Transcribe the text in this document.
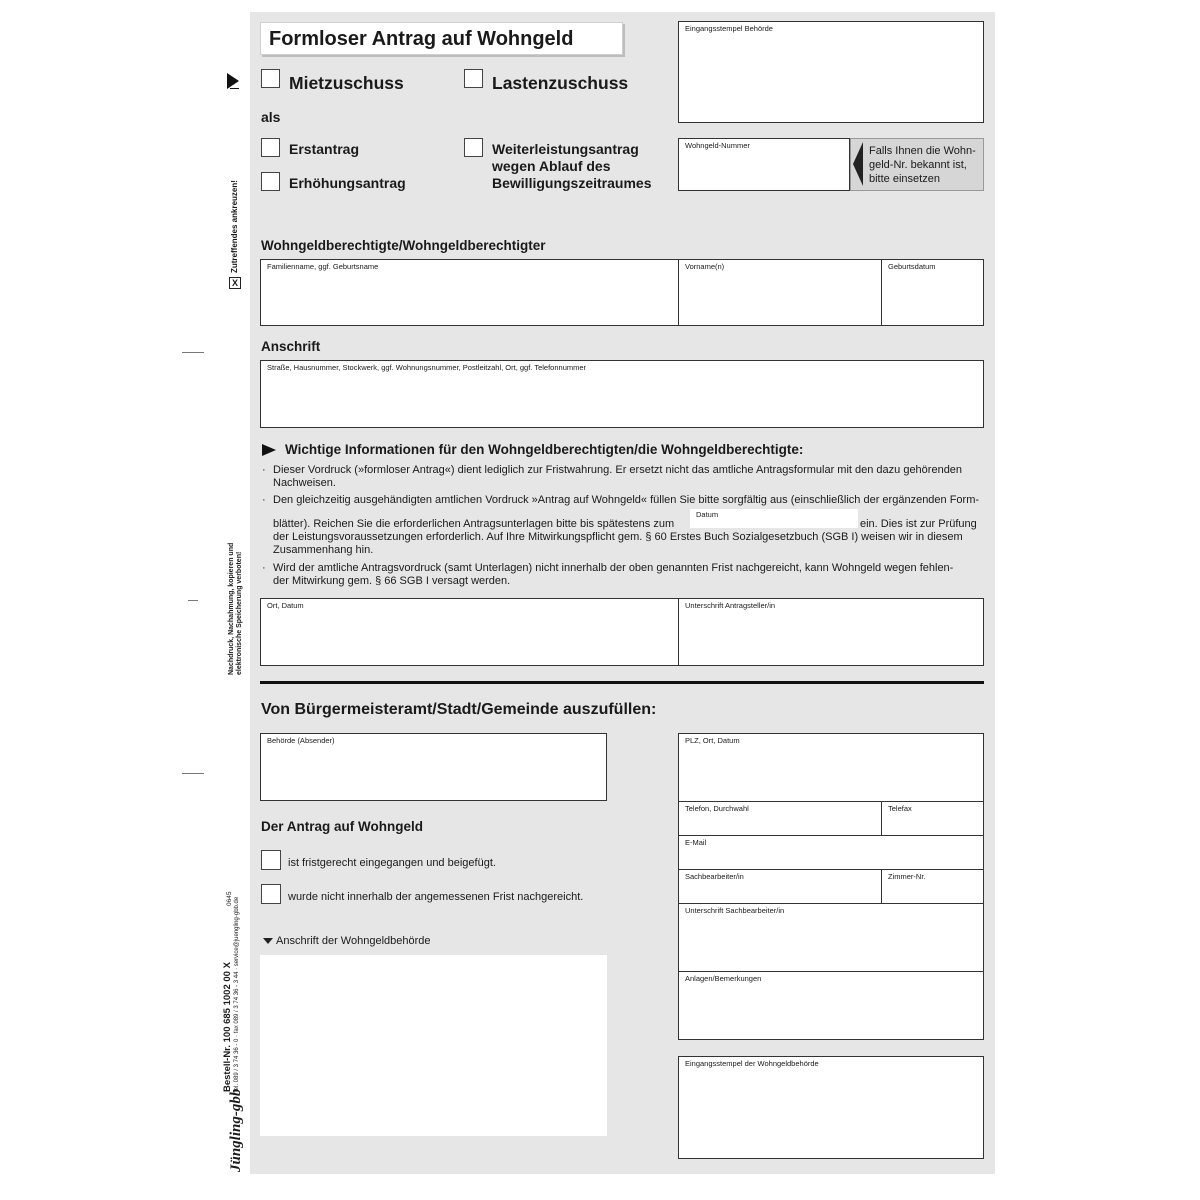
X
Zutreffendes ankreuzen!
Nachdruck, Nachahmung, kopieren und elektronische Speicherung verboten!
Jüngling-gbb
Bestell-Nr. 100 685 1002 00 X tel. 089 / 3 74 36 - 0 · fax 089 / 3 74 36 - 3 44 · service@juengling-gbb.de
0645
Formloser Antrag auf Wohngeld
Mietzuschuss	Lastenzuschuss
als
Erstantrag
Erhöhungsantrag
Weiterleistungsantrag
wegen Ablauf des
Bewilligungszeitraumes
Eingangsstempel Behörde
Wohngeld-Nummer	Falls Ihnen die Wohn-
geld-Nr. bekannt ist,
bitte einsetzen
Wohngeldberechtigte/Wohngeldberechtigter
Familienname, ggf. Geburtsname	Vorname(n)	Geburtsdatum
Anschrift
Straße, Hausnummer, Stockwerk, ggf. Wohnungsnummer, Postleitzahl, Ort, ggf. Telefonnummer
Wichtige Informationen für den Wohngeldberechtigten/die Wohngeldberechtigte:
· Dieser Vordruck (»formloser Antrag«) dient lediglich zur Fristwahrung. Er ersetzt nicht das amtliche Antragsformular mit den dazu gehörenden
Nachweisen.
· Den gleichzeitig ausgehändigten amtlichen Vordruck »Antrag auf Wohngeld« füllen Sie bitte sorgfältig aus (einschließlich der ergänzenden Form-
blätter). Reichen Sie die erforderlichen Antragsunterlagen bitte bis spätestens zum
Datum
ein. Dies ist zur Prüfung
der Leistungsvoraussetzungen erforderlich. Auf Ihre Mitwirkungspflicht gem. § 60 Erstes Buch Sozialgesetzbuch (SGB I) weisen wir in diesem
Zusammenhang hin.
· Wird der amtliche Antragsvordruck (samt Unterlagen) nicht innerhalb der oben genannten Frist nachgereicht, kann Wohngeld wegen fehlen-
der Mitwirkung gem. § 66 SGB I versagt werden.
Ort, Datum	Unterschrift Antragsteller/in
Von Bürgermeisteramt/Stadt/Gemeinde auszufüllen:
Behörde (Absender)
Der Antrag auf Wohngeld
ist fristgerecht eingegangen und beigefügt.
wurde nicht innerhalb der angemessenen Frist nachgereicht.
Anschrift der Wohngeldbehörde
PLZ, Ort, Datum
Telefon, Durchwahl	Telefax
E-Mail
Sachbearbeiter/in	Zimmer-Nr.
Unterschrift Sachbearbeiter/in
Anlagen/Bemerkungen
Eingangsstempel der Wohngeldbehörde
